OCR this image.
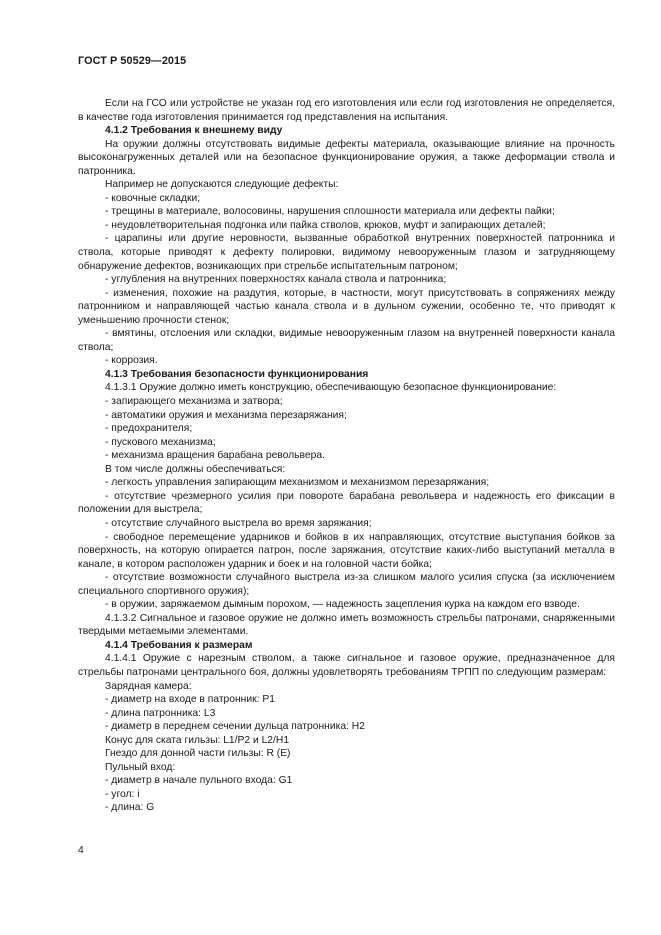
ГОСТ Р 50529—2015

Если на ГСО или устройстве не указан год его изготовления или если год изготовления не определяется, в качестве года изготовления принимается год представления на испытания.

4.1.2 Требования к внешнему виду

На оружии должны отсутствовать видимые дефекты материала, оказывающие влияние на прочность высоконагруженных деталей или на безопасное функционирование оружия, а также деформации ствола и патронника.

Например не допускаются следующие дефекты:

- ковочные складки;

- трещины в материале, волосовины, нарушения сплошности материала или дефекты пайки;

- неудовлетворительная подгонка или пайка стволов, крюков, муфт и запирающих деталей;

- царапины или другие неровности, вызванные обработкой внутренних поверхностей патронника и ствола, которые приводят к дефекту полировки, видимому невооруженным глазом и затрудняющему обнаружение дефектов, возникающих при стрельбе испытательным патроном;

- углубления на внутренних поверхностях канала ствола и патронника;

- изменения, похожие на раздутия, которые, в частности, могут присутствовать в сопряжениях между патронником и направляющей частью канала ствола и в дульном сужении, особенно те, что приводят к уменьшению прочности стенок;

- вмятины, отслоения или складки, видимые невооруженным глазом на внутренней поверхности канала ствола;

- коррозия.

4.1.3 Требования безопасности функционирования

4.1.3.1 Оружие должно иметь конструкцию, обеспечивающую безопасное функционирование:

- запирающего механизма и затвора;

- автоматики оружия и механизма перезаряжания;

- предохранителя;

- пускового механизма;

- механизма вращения барабана револьвера.

В том числе должны обеспечиваться:

- легкость управления запирающим механизмом и механизмом перезаряжания;

- отсутствие чрезмерного усилия при повороте барабана револьвера и надежность его фиксации в положении для выстрела;

- отсутствие случайного выстрела во время заряжания;

- свободное перемещение ударников и бойков в их направляющих, отсутствие выступания бойков за поверхность, на которую опирается патрон, после заряжания, отсутствие каких-либо выступаний металла в канале, в котором расположен ударник и боек и на головной части бойка;

- отсутствие возможности случайного выстрела из-за слишком малого усилия спуска (за исключением специального спортивного оружия);

- в оружии, заряжаемом дымным порохом, — надежность зацепления курка на каждом его взводе.

4.1.3.2 Сигнальное и газовое оружие не должно иметь возможность стрельбы патронами, снаряженными твердыми метаемыми элементами.

4.1.4 Требования к размерам

4.1.4.1 Оружие с нарезным стволом, а также сигнальное и газовое оружие, предназначенное для стрельбы патронами центрального боя, должны удовлетворять требованиям ТРПП по следующим размерам:

Зарядная камера:

- диаметр на входе в патронник: P1

- длина патронника: L3

- диаметр в переднем сечении дульца патронника: H2

Конус для ската гильзы: L1/P2 и L2/H1

Гнездо для донной части гильзы: R (E)

Пульный вход:

- диаметр в начале пульного входа: G1

- угол: i

- длина: G

4
